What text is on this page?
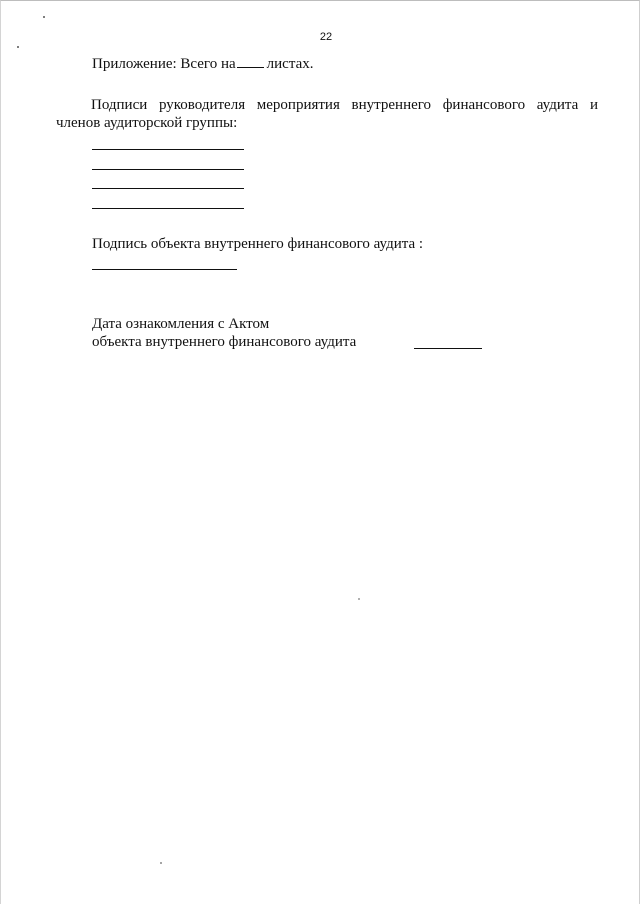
22
Приложение: Всего на листах.
Подписи руководителя мероприятия внутреннего финансового аудита и
членов аудиторской группы:
Подпись объекта внутреннего финансового аудита :
Дата ознакомления с Актом
объекта внутреннего финансового аудита
